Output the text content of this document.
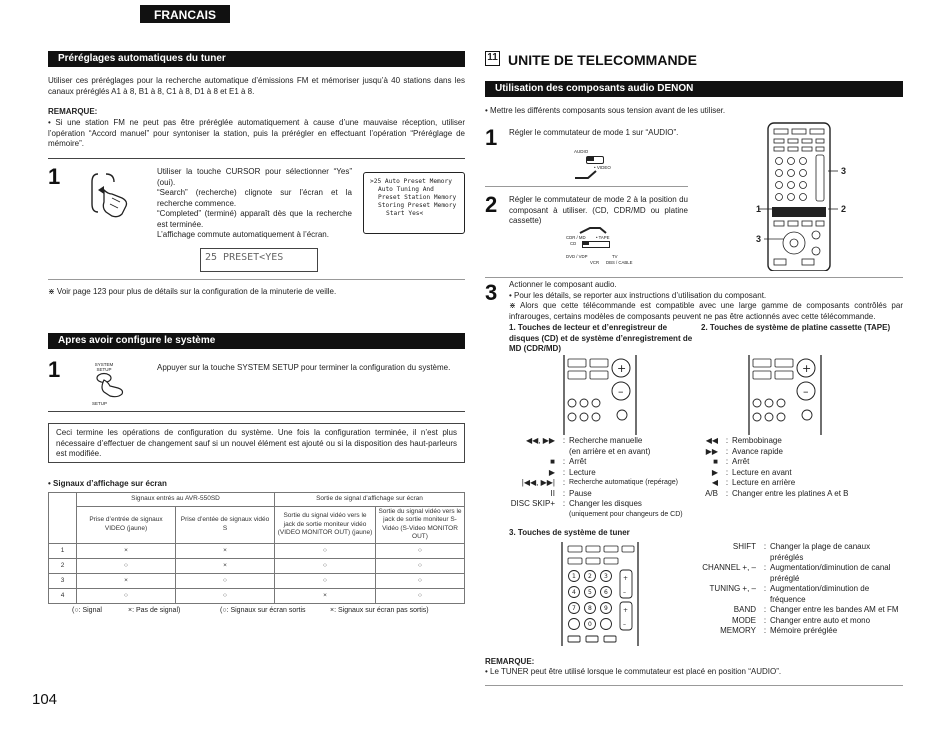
FRANCAIS
Préréglages automatiques du tuner
Utiliser ces préréglages pour la recherche automatique d’émissions FM et mémoriser jusqu’à 40 stations dans les canaux préréglés A1 à 8, B1 à 8, C1 à 8, D1 à 8 et E1 à 8.
REMARQUE:
• Si une station FM ne peut pas être préréglée automatiquement à cause d’une mauvaise réception, utiliser l’opération “Accord manuel” pour syntoniser la station, puis la prérégler en effectuant l’opération “Préréglage de mémoire”.
1	Utiliser la touche CURSOR pour sélectionner “Yes” (oui).
“Search” (recherche) clignote sur l’écran et la recherche commence.
“Completed” (terminé) apparaît dès que la recherche est terminée.
L’affichage commute automatiquement à l’écran.
>25 Auto Preset Memory
Auto Tuning And
Preset Station Memory
Storing Preset Memory
Start Yes<
25 PRESET<YES
⋇ Voir page 123 pour plus de détails sur la configuration de la minuterie de veille.
Apres avoir configure le système
1	SYSTEM
SETUP
SETUP
Appuyer sur la touche SYSTEM SETUP pour terminer la configuration du système.
Ceci termine les opérations de configuration du système. Une fois la configuration terminée, il n’est plus nécessaire d’effectuer de changement sauf si un nouvel élément est ajouté ou si la disposition des haut-parleurs est modifiée.
• Signaux d’affichage sur écran
	Signaux entrés au AVR-550SD		Sortie de signal d’affichage sur écran	
	Prise d’entrée de signaux VIDEO (jaune)	Prise d’entée de signaux vidéo S	Sortie du signal vidéo vers le jack de sortie moniteur vidéo (VIDEO MONITOR OUT) (jaune)	Sortie du signal vidéo vers le jack de sortie moniteur S-Vidéo (S-Video MONITOR OUT)
1	×	×	○	○
2	○	×	○	○
3	×	○	○	○
4	○	○	×	○
(○: Signal	×: Pas de signal)	(○: Signaux sur écran sortis	×: Signaux sur écran pas sortis)
104
11 UNITE DE TELECOMMANDE
Utilisation des composants audio DENON
• Mettre les différents composants sous tension avant de les utiliser.
1 Régler le commutateur de mode 1 sur “AUDIO”.
AUDIO
• VIDEO
2 Régler le commutateur de mode 2 à la position du composant à utiliser. (CD, CDR/MD ou platine cassette)
CDR / MD • TAPE
CD
DVD / VDP	TV
VCR DBS / CABLE
3
1	2
3
3 Actionner le composant audio.
• Pour les détails, se reporter aux instructions d’utilisation du composant.
⋇ Alors que cette télécommande est compatible avec une large gamme de composants contrôlés par infrarouges, certains modèles de composants peuvent ne pas être actionnés avec cette télécommande.
1. Touches de lecteur et d’enregistreur de disques (CD) et de système d’enregistrement de MD (CDR/MD)
2. Touches de système de platine cassette (TAPE)
+
–
+
–
◀◀, ▶▶ : Recherche manuelle
(en arrière et en avant)
■ : Arrêt
▶ : Lecture
|◀◀, ▶▶| : Recherche automatique (repérage)
II : Pause
DISC SKIP+ : Changer les disques
(uniquement pour changeurs de CD)
◀◀ : Rembobinage
▶▶ : Avance rapide
■ : Arrêt
▶ : Lecture en avant
◀ : Lecture en arrière
A/B : Changer entre les platines A et B
3. Touches de système de tuner
1 2 3
4 5 6
7 8 9
0
+
–
+
–
SHIFT : Changer la plage de canaux préréglés
CHANNEL +, – : Augmentation/diminution de canal préréglé
TUNING +, – : Augmentation/diminution de fréquence
BAND : Changer entre les bandes AM et FM
MODE : Changer entre auto et mono
MEMORY : Mémoire préréglée
REMARQUE:
• Le TUNER peut être utilisé lorsque le commutateur est placé en position “AUDIO”.
